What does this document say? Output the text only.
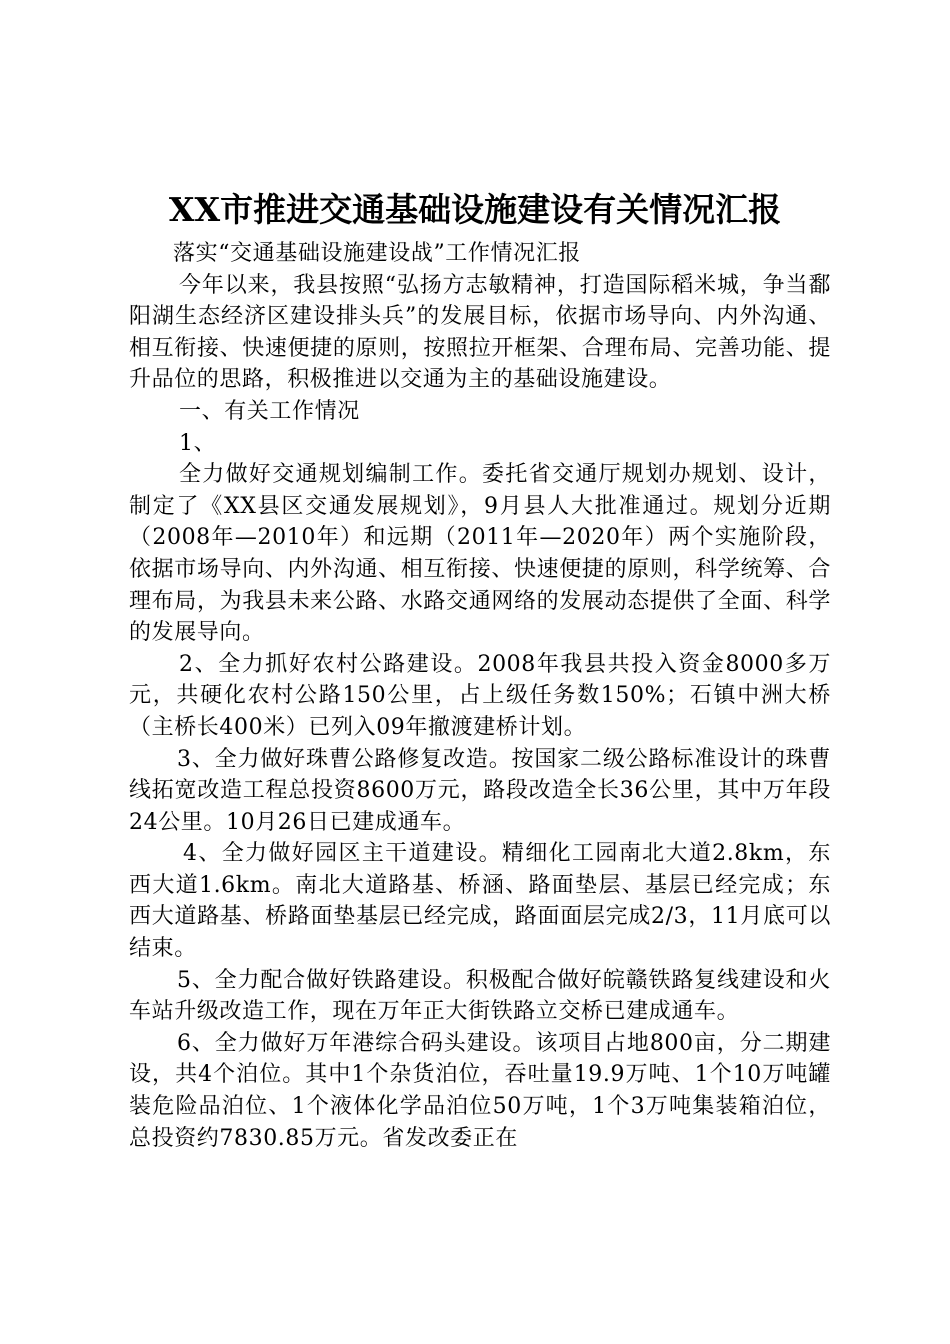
XX市推进交通基础设施建设有关情况汇报

落实“交通基础设施建设战”工作情况汇报

今年以来，我县按照“弘扬方志敏精神，打造国际稻米城，争当鄱阳湖生态经济区建设排头兵”的发展目标，依据市场导向、内外沟通、相互衔接、快速便捷的原则，按照拉开框架、合理布局、完善功能、提升品位的思路，积极推进以交通为主的基础设施建设。

一、有关工作情况

1、

全力做好交通规划编制工作。委托省交通厅规划办规划、设计，制定了《XX县区交通发展规划》，9月县人大批准通过。规划分近期（2008年—2010年）和远期（2011年—2020年）两个实施阶段，依据市场导向、内外沟通、相互衔接、快速便捷的原则，科学统筹、合理布局，为我县未来公路、水路交通网络的发展动态提供了全面、科学的发展导向。

2、全力抓好农村公路建设。2008年我县共投入资金8000多万元，共硬化农村公路150公里，占上级任务数150%；石镇中洲大桥（主桥长400米）已列入09年撤渡建桥计划。

3、全力做好珠曹公路修复改造。按国家二级公路标准设计的珠曹线拓宽改造工程总投资8600万元，路段改造全长36公里，其中万年段24公里。10月26日已建成通车。

4、全力做好园区主干道建设。精细化工园南北大道2.8km，东西大道1.6km。南北大道路基、桥涵、路面垫层、基层已经完成；东西大道路基、桥路面垫基层已经完成，路面面层完成2/3，11月底可以结束。

5、全力配合做好铁路建设。积极配合做好皖赣铁路复线建设和火车站升级改造工作，现在万年正大街铁路立交桥已建成通车。

6、全力做好万年港综合码头建设。该项目占地800亩，分二期建设，共4个泊位。其中1个杂货泊位，吞吐量19.9万吨、1个10万吨罐装危险品泊位、1个液体化学品泊位50万吨，1个3万吨集装箱泊位，总投资约7830.85万元。省发改委正在
